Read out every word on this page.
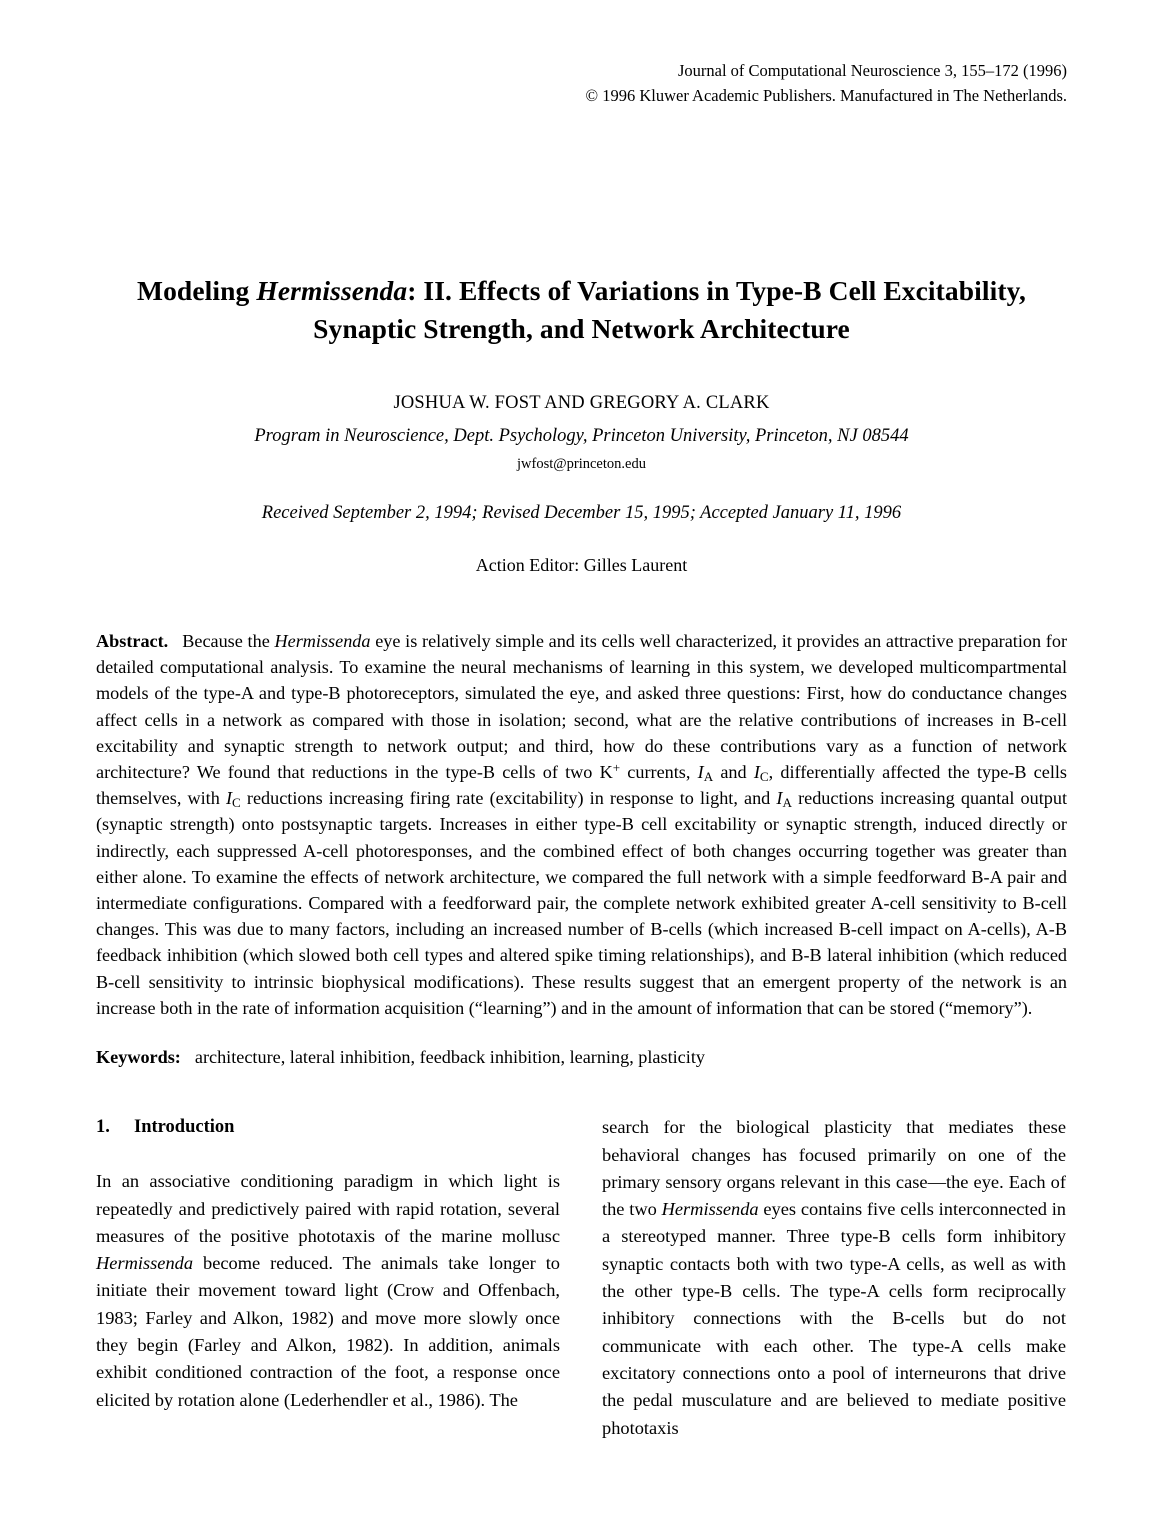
Journal of Computational Neuroscience 3, 155–172 (1996)
© 1996 Kluwer Academic Publishers. Manufactured in The Netherlands.
Modeling Hermissenda: II. Effects of Variations in Type-B Cell Excitability,
Synaptic Strength, and Network Architecture
JOSHUA W. FOST AND GREGORY A. CLARK
Program in Neuroscience, Dept. Psychology, Princeton University, Princeton, NJ 08544
jwfost@princeton.edu
Received September 2, 1994; Revised December 15, 1995; Accepted January 11, 1996
Action Editor: Gilles Laurent
Abstract. Because the Hermissenda eye is relatively simple and its cells well characterized, it provides an attractive preparation for detailed computational analysis. To examine the neural mechanisms of learning in this system, we developed multicompartmental models of the type-A and type-B photoreceptors, simulated the eye, and asked three questions: First, how do conductance changes affect cells in a network as compared with those in isolation; second, what are the relative contributions of increases in B-cell excitability and synaptic strength to network output; and third, how do these contributions vary as a function of network architecture? We found that reductions in the type-B cells of two K+ currents, $I_A$ and $I_C$, differentially affected the type-B cells themselves, with $I_C$ reductions increasing firing rate (excitability) in response to light, and $I_A$ reductions increasing quantal output (synaptic strength) onto postsynaptic targets. Increases in either type-B cell excitability or synaptic strength, induced directly or indirectly, each suppressed A-cell photoresponses, and the combined effect of both changes occurring together was greater than either alone. To examine the effects of network architecture, we compared the full network with a simple feedforward B-A pair and intermediate configurations. Compared with a feedforward pair, the complete network exhibited greater A-cell sensitivity to B-cell changes. This was due to many factors, including an increased number of B-cells (which increased B-cell impact on A-cells), A-B feedback inhibition (which slowed both cell types and altered spike timing relationships), and B-B lateral inhibition (which reduced B-cell sensitivity to intrinsic biophysical modifications). These results suggest that an emergent property of the network is an increase both in the rate of information acquisition (“learning”) and in the amount of information that can be stored (“memory”).
Keywords: architecture, lateral inhibition, feedback inhibition, learning, plasticity
1.	Introduction

In an associative conditioning paradigm in which light is repeatedly and predictively paired with rapid rotation, several measures of the positive phototaxis of the marine mollusc Hermissenda become reduced. The animals take longer to initiate their movement toward light (Crow and Offenbach, 1983; Farley and Alkon, 1982) and move more slowly once they begin (Farley and Alkon, 1982). In addition, animals exhibit conditioned contraction of the foot, a response once elicited by rotation alone (Lederhendler et al., 1986). The

search for the biological plasticity that mediates these behavioral changes has focused primarily on one of the primary sensory organs relevant in this case—the eye. Each of the two Hermissenda eyes contains five cells interconnected in a stereotyped manner. Three type-B cells form inhibitory synaptic contacts both with two type-A cells, as well as with the other type-B cells. The type-A cells form reciprocally inhibitory connections with the B-cells but do not communicate with each other. The type-A cells make excitatory connections onto a pool of interneurons that drive the pedal musculature and are believed to mediate positive phototaxis
